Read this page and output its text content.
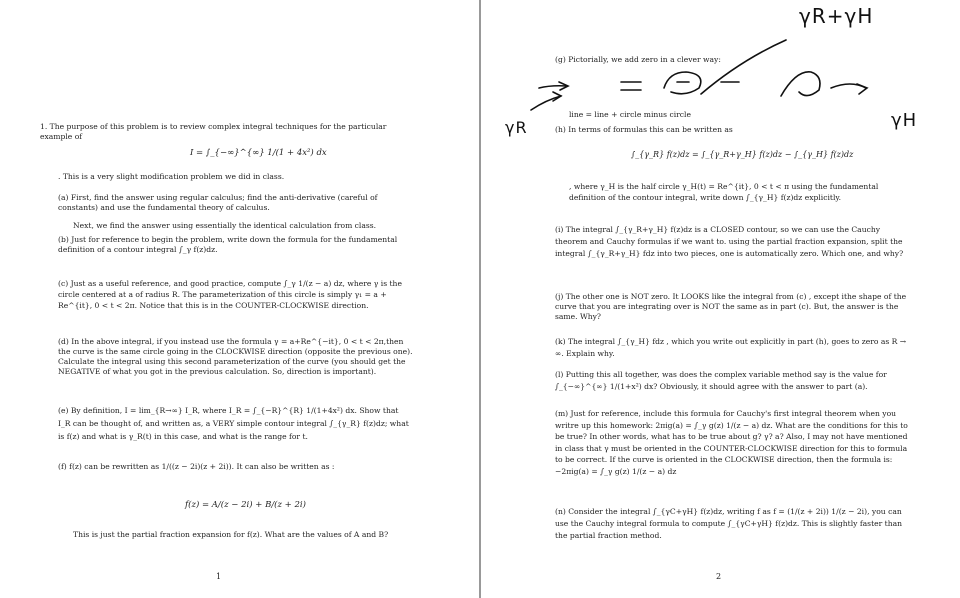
1. The purpose of this problem is to review complex integral techniques for the particular example of
I = ∫_{−∞}^{∞} 1/(1 + 4x²) dx
. This is a very slight modification problem we did in class.
(a) First, find the answer using regular calculus; find the anti-derivative (careful of constants) and use the fundamental theory of calculus.
Next, we find the answer using essentially the identical calculation from class.
(b) Just for reference to begin the problem, write down the formula for the fundamental definition of a contour integral ∫_γ f(z)dz.
(c) Just as a useful reference, and good practice, compute ∫_γ 1/(z − a) dz, where γ is the circle centered at a of radius R. The parameterization of this circle is simply γ₁ = a + Re^{it}, 0 < t < 2π. Notice that this is in the COUNTER-CLOCKWISE direction.
(d) In the above integral, if you instead use the formula γ = a+Re^{−it}, 0 < t < 2π,then the curve is the same circle going in the CLOCKWISE direction (opposite the previous one). Calculate the integral using this second parameterization of the curve (you should get the NEGATIVE of what you got in the previous calculation. So, direction is important).
(e) By definition, I = lim_{R→∞} I_R, where I_R = ∫_{−R}^{R} 1/(1+4x²) dx. Show that I_R can be thought of, and written as, a VERY simple contour integral ∫_{γ_R} f(z)dz; what is f(z) and what is γ_R(t) in this case, and what is the range for t.
(f) f(z) can be rewritten as 1/((z − 2i)(z + 2i)). It can also be written as :
f(z) = A/(z − 2i) + B/(z + 2i)
This is just the partial fraction expansion for f(z). What are the values of A and B?
1
(g) Pictorially, we add zero in a clever way:
γR+γH
γR	γH
line = line + circle minus circle
(h) In terms of formulas this can be written as
∫_{γ_R} f(z)dz = ∫_{γ_R+γ_H} f(z)dz − ∫_{γ_H} f(z)dz
, where γ_H is the half circle γ_H(t) = Re^{it}, 0 < t < π using the fundamental definition of the contour integral, write down ∫_{γ_H} f(z)dz explicitly.
(i) The integral ∫_{γ_R+γ_H} f(z)dz is a CLOSED contour, so we can use the Cauchy theorem and Cauchy formulas if we want to. using the partial fraction expansion, split the integral ∫_{γ_R+γ_H} fdz into two pieces, one is automatically zero. Which one, and why?
(j) The other one is NOT zero. It LOOKS like the integral from (c) , except ithe shape of the curve that you are integrating over is NOT the same as in part (c). But, the answer is the same. Why?
(k) The integral ∫_{γ_H} fdz , which you write out explicitly in part (h), goes to zero as R → ∞. Explain why.
(l) Putting this all together, was does the complex variable method say is the value for ∫_{−∞}^{∞} 1/(1+x²) dx? Obviously, it should agree with the answer to part (a).
(m) Just for reference, include this formula for Cauchy's first integral theorem when you writre up this homework: 2πig(a) = ∫_γ g(z) 1/(z − a) dz. What are the conditions for this to be true? In other words, what has to be true about g? γ? a? Also, I may not have mentioned in class that γ must be oriented in the COUNTER-CLOCKWISE direction for this to formula to be correct. If the curve is oriented in the CLOCKWISE direction, then the formula is: −2πig(a) = ∫_γ g(z) 1/(z − a) dz
(n) Consider the integral ∫_{γC+γH} f(z)dz, writing f as f = (1/(z + 2i)) 1/(z − 2i), you can use the Cauchy integral formula to compute ∫_{γC+γH} f(z)dz. This is slightly faster than the partial fraction method.
2
